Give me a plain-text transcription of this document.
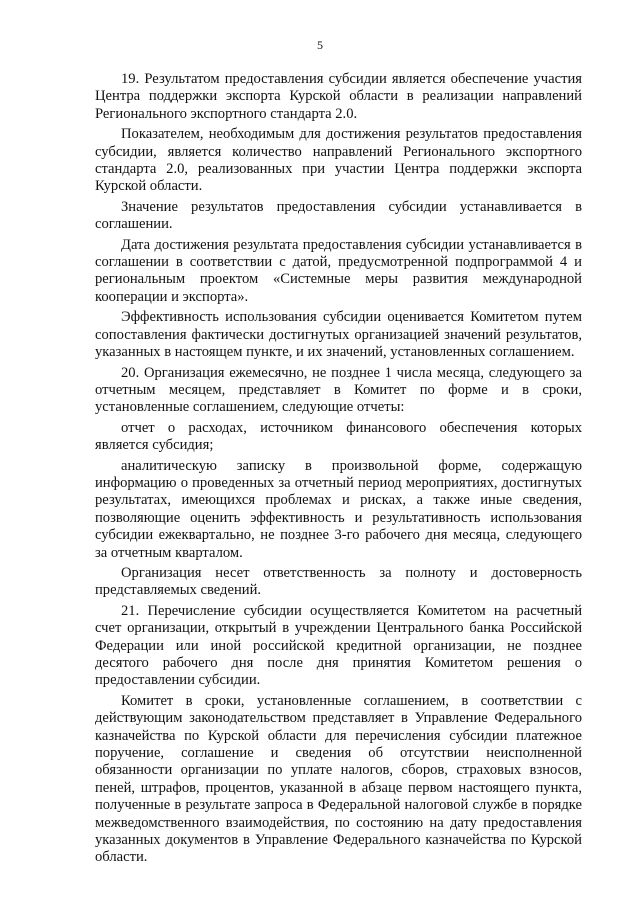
5

19. Результатом предоставления субсидии является обеспечение участия Центра поддержки экспорта Курской области в реализации направлений Регионального экспортного стандарта 2.0.

Показателем, необходимым для достижения результатов предоставления субсидии, является количество направлений Регионального экспортного стандарта 2.0, реализованных при участии Центра поддержки экспорта Курской области.

Значение результатов предоставления субсидии устанавливается в соглашении.

Дата достижения результата предоставления субсидии устанавливается в соглашении в соответствии с датой, предусмотренной подпрограммой 4 и региональным проектом «Системные меры развития международной кооперации и экспорта».

Эффективность использования субсидии оценивается Комитетом путем сопоставления фактически достигнутых организацией значений результатов, указанных в настоящем пункте, и их значений, установленных соглашением.

20. Организация ежемесячно, не позднее 1 числа месяца, следующего за отчетным месяцем, представляет в Комитет по форме и в сроки, установленные соглашением, следующие отчеты:

отчет о расходах, источником финансового обеспечения которых является субсидия;

аналитическую записку в произвольной форме, содержащую информацию о проведенных за отчетный период мероприятиях, достигнутых результатах, имеющихся проблемах и рисках, а также иные сведения, позволяющие оценить эффективность и результативность использования субсидии ежеквартально, не позднее 3-го рабочего дня месяца, следующего за отчетным кварталом.

Организация несет ответственность за полноту и достоверность представляемых сведений.

21. Перечисление субсидии осуществляется Комитетом на расчетный счет организации, открытый в учреждении Центрального банка Российской Федерации или иной российской кредитной организации, не позднее десятого рабочего дня после дня принятия Комитетом решения о предоставлении субсидии.

Комитет в сроки, установленные соглашением, в соответствии с действующим законодательством представляет в Управление Федерального казначейства по Курской области для перечисления субсидии платежное поручение, соглашение и сведения об отсутствии неисполненной обязанности организации по уплате налогов, сборов, страховых взносов, пеней, штрафов, процентов, указанной в абзаце первом настоящего пункта, полученные в результате запроса в Федеральной налоговой службе в порядке межведомственного взаимодействия, по состоянию на дату предоставления указанных документов в Управление Федерального казначейства по Курской области.
